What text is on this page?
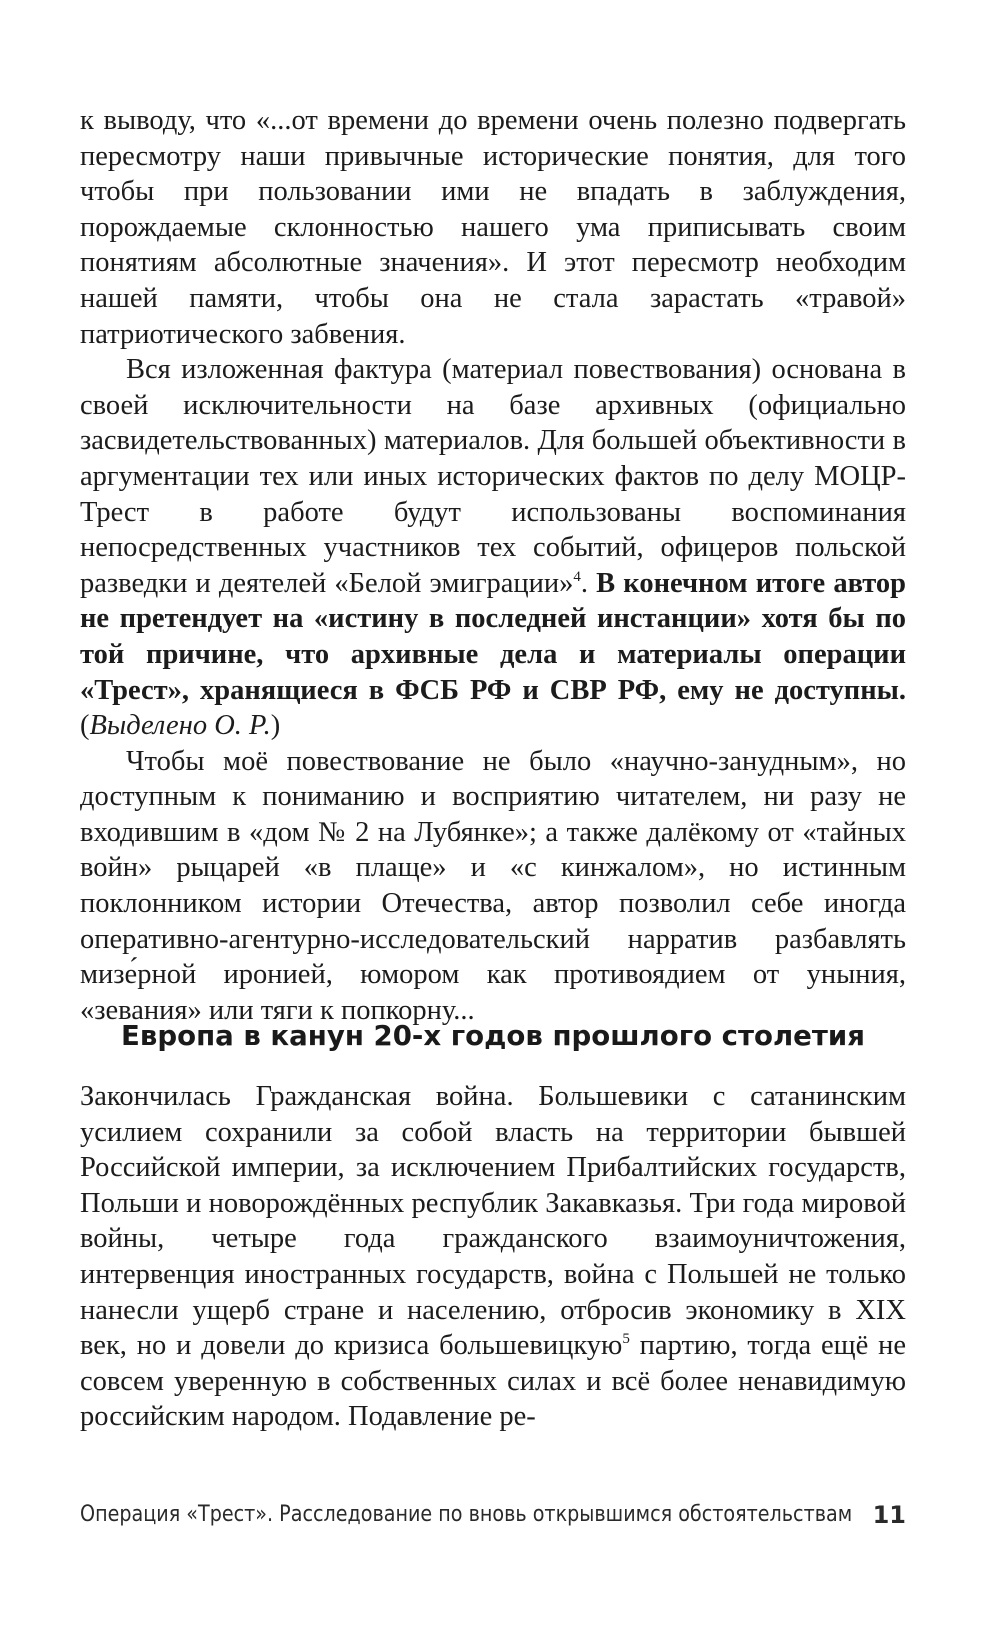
к выводу, что «...от времени до времени очень полезно подвергать пересмотру наши привычные исторические понятия, для того чтобы при пользовании ими не впадать в заблуждения, порождаемые склонностью нашего ума приписывать своим понятиям абсолютные значения». И этот пересмотр необходим нашей памяти, чтобы она не стала зарастать «травой» патриотического забвения.

Вся изложенная фактура (материал повествования) основана в своей исключительности на базе архивных (официально засвидетельствованных) материалов. Для большей объективности в аргументации тех или иных исторических фактов по делу МОЦР-Трест в работе будут использованы воспоминания непосредственных участников тех событий, офицеров польской разведки и деятелей «Белой эмиграции»$^4$. В конечном итоге автор не претендует на «истину в последней инстанции» хотя бы по той причине, что архивные дела и материалы операции «Трест», хранящиеся в ФСБ РФ и СВР РФ, ему не доступны. (Выделено О. Р.)

Чтобы моё повествование не было «научно-занудным», но доступным к пониманию и восприятию читателем, ни разу не входившим в «дом № 2 на Лубянке»; а также далёкому от «тайных войн» рыцарей «в плаще» и «с кинжалом», но истинным поклонником истории Отечества, автор позволил себе иногда оперативно-агентурно-исследовательский нарратив разбавлять мизе́рной иронией, юмором как противоядием от уныния, «зевания» или тяги к попкорну...

Европа в канун 20-х годов прошлого столетия

Закончилась Гражданская война. Большевики с сатанинским усилием сохранили за собой власть на территории бывшей Российской империи, за исключением Прибалтийских государств, Польши и новорождённых республик Закавказья. Три года мировой войны, четыре года гражданского взаимоуничтожения, интервенция иностранных государств, война с Польшей не только нанесли ущерб стране и населению, отбросив экономику в XIX век, но и довели до кризиса большевицкую$^5$ партию, тогда ещё не совсем уверенную в собственных силах и всё более ненавидимую российским народом. Подавление ре-

Операция «Трест». Расследование по вновь открывшимся обстоятельствам 11
